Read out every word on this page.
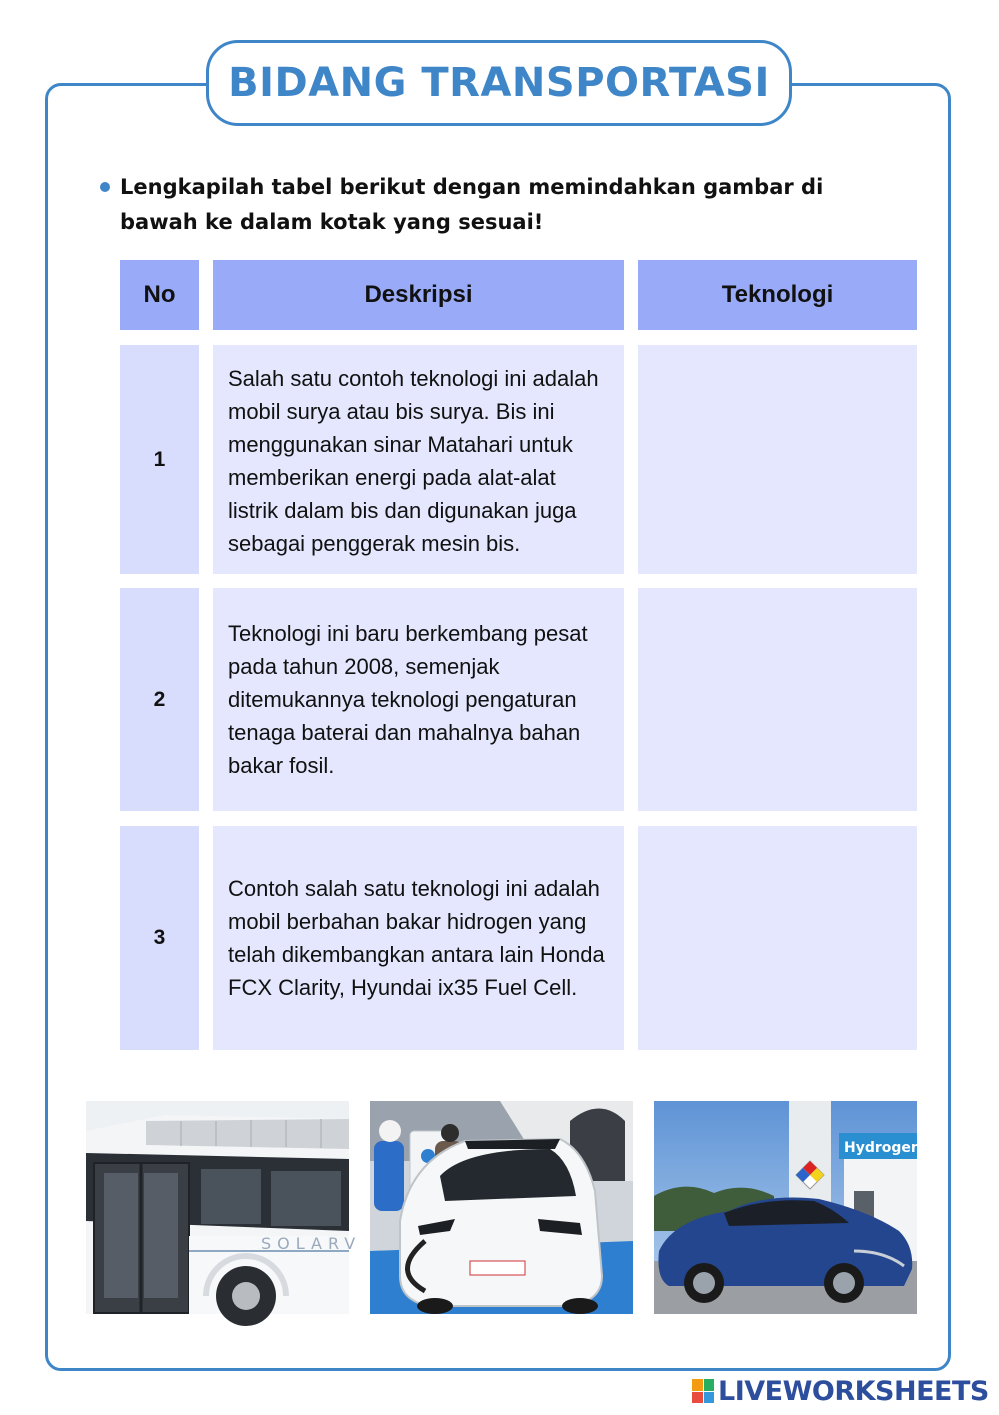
BIDANG TRANSPORTASI
Lengkapilah tabel berikut dengan memindahkan gambar di bawah ke dalam kotak yang sesuai!
No	Deskripsi	Teknologi
1
Salah satu contoh teknologi ini adalah mobil surya atau bis surya. Bis ini menggunakan sinar Matahari untuk memberikan energi pada alat-alat listrik dalam bis dan digunakan juga sebagai penggerak mesin bis.
2
Teknologi ini baru berkembang pesat pada tahun 2008, semenjak ditemukannya teknologi pengaturan tenaga baterai dan mahalnya bahan bakar fosil.
3
Contoh salah satu teknologi ini adalah mobil berbahan bakar hidrogen yang telah dikembangkan antara lain Honda FCX Clarity, Hyundai ix35 Fuel Cell.
SOLARV
Hydrogen
LIVEWORKSHEETS
